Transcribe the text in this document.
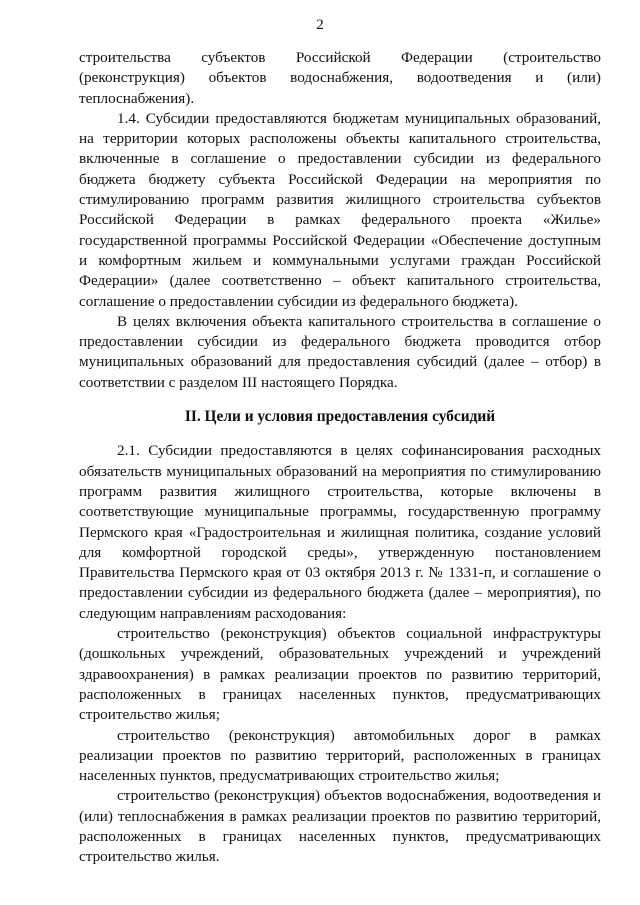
2

строительства субъектов Российской Федерации (строительство (реконструкция) объектов водоснабжения, водоотведения и (или) теплоснабжения).

1.4. Субсидии предоставляются бюджетам муниципальных образований, на территории которых расположены объекты капитального строительства, включенные в соглашение о предоставлении субсидии из федерального бюджета бюджету субъекта Российской Федерации на мероприятия по стимулированию программ развития жилищного строительства субъектов Российской Федерации в рамках федерального проекта «Жилье» государственной программы Российской Федерации «Обеспечение доступным и комфортным жильем и коммунальными услугами граждан Российской Федерации» (далее соответственно – объект капитального строительства, соглашение о предоставлении субсидии из федерального бюджета).

В целях включения объекта капитального строительства в соглашение о предоставлении субсидии из федерального бюджета проводится отбор муниципальных образований для предоставления субсидий (далее – отбор) в соответствии с разделом III настоящего Порядка.

II. Цели и условия предоставления субсидий

2.1. Субсидии предоставляются в целях софинансирования расходных обязательств муниципальных образований на мероприятия по стимулированию программ развития жилищного строительства, которые включены в соответствующие муниципальные программы, государственную программу Пермского края «Градостроительная и жилищная политика, создание условий для комфортной городской среды», утвержденную постановлением Правительства Пермского края от 03 октября 2013 г. № 1331-п, и соглашение о предоставлении субсидии из федерального бюджета (далее – мероприятия), по следующим направлениям расходования:

строительство (реконструкция) объектов социальной инфраструктуры (дошкольных учреждений, образовательных учреждений и учреждений здравоохранения) в рамках реализации проектов по развитию территорий, расположенных в границах населенных пунктов, предусматривающих строительство жилья;

строительство (реконструкция) автомобильных дорог в рамках реализации проектов по развитию территорий, расположенных в границах населенных пунктов, предусматривающих строительство жилья;

строительство (реконструкция) объектов водоснабжения, водоотведения и (или) теплоснабжения в рамках реализации проектов по развитию территорий, расположенных в границах населенных пунктов, предусматривающих строительство жилья.
